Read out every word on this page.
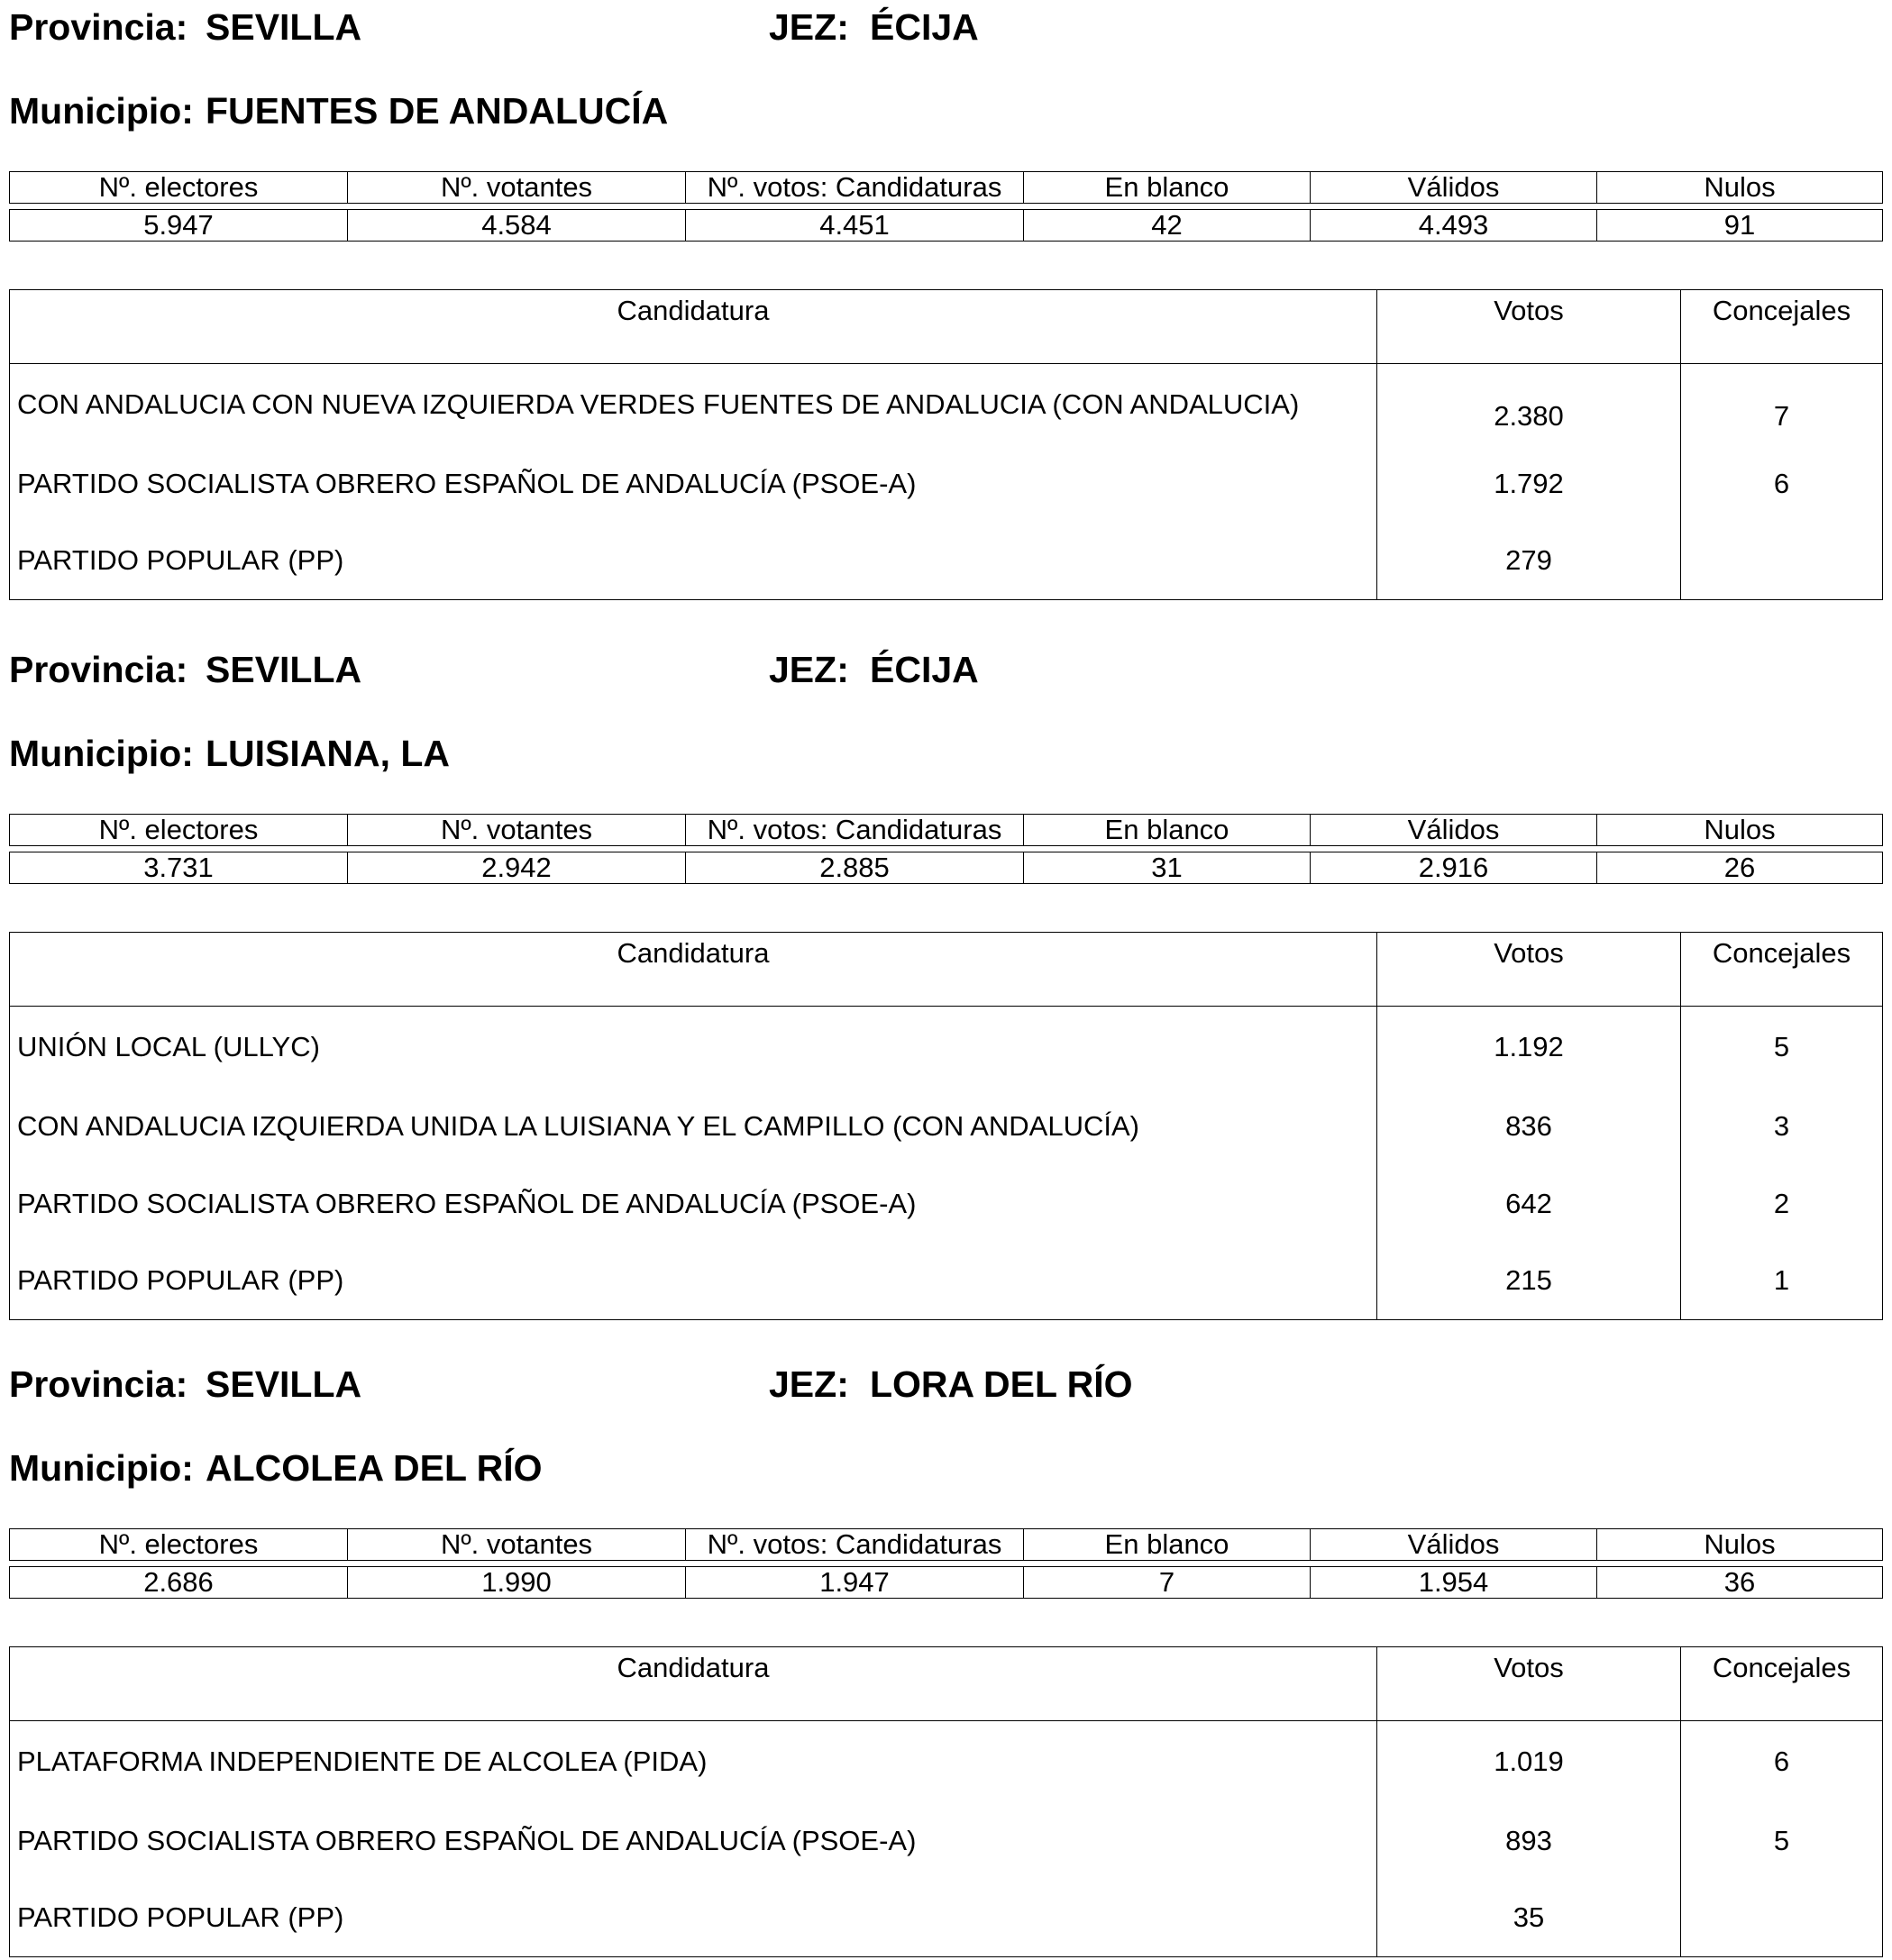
Provincia: SEVILLA	JEZ: ÉCIJA
Municipio: FUENTES DE ANDALUCÍA
Nº. electores	Nº. votantes	Nº. votos: Candidaturas	En blanco	Válidos	Nulos

5.947	4.584	4.451	42	4.493	91
Candidatura	Votos	Concejales
CON ANDALUCIA CON NUEVA IZQUIERDA VERDES FUENTES DE ANDALUCIA (CON ANDALUCIA)	2.380	7
PARTIDO SOCIALISTA OBRERO ESPAÑOL DE ANDALUCÍA (PSOE-A)	1.792	6
PARTIDO POPULAR (PP)	279	
Provincia: SEVILLA	JEZ: ÉCIJA
Municipio: LUISIANA, LA
Nº. electores	Nº. votantes	Nº. votos: Candidaturas	En blanco	Válidos	Nulos

3.731	2.942	2.885	31	2.916	26
Candidatura	Votos	Concejales
UNIÓN LOCAL (ULLYC)	1.192	5
CON ANDALUCIA IZQUIERDA UNIDA LA LUISIANA Y EL CAMPILLO (CON ANDALUCÍA)	836	3
PARTIDO SOCIALISTA OBRERO ESPAÑOL DE ANDALUCÍA (PSOE-A)	642	2
PARTIDO POPULAR (PP)	215	1
Provincia: SEVILLA	JEZ: LORA DEL RÍO
Municipio: ALCOLEA DEL RÍO
Nº. electores	Nº. votantes	Nº. votos: Candidaturas	En blanco	Válidos	Nulos

2.686	1.990	1.947	7	1.954	36
Candidatura	Votos	Concejales
PLATAFORMA INDEPENDIENTE DE ALCOLEA (PIDA)	1.019	6
PARTIDO SOCIALISTA OBRERO ESPAÑOL DE ANDALUCÍA (PSOE-A)	893	5
PARTIDO POPULAR (PP)	35	
